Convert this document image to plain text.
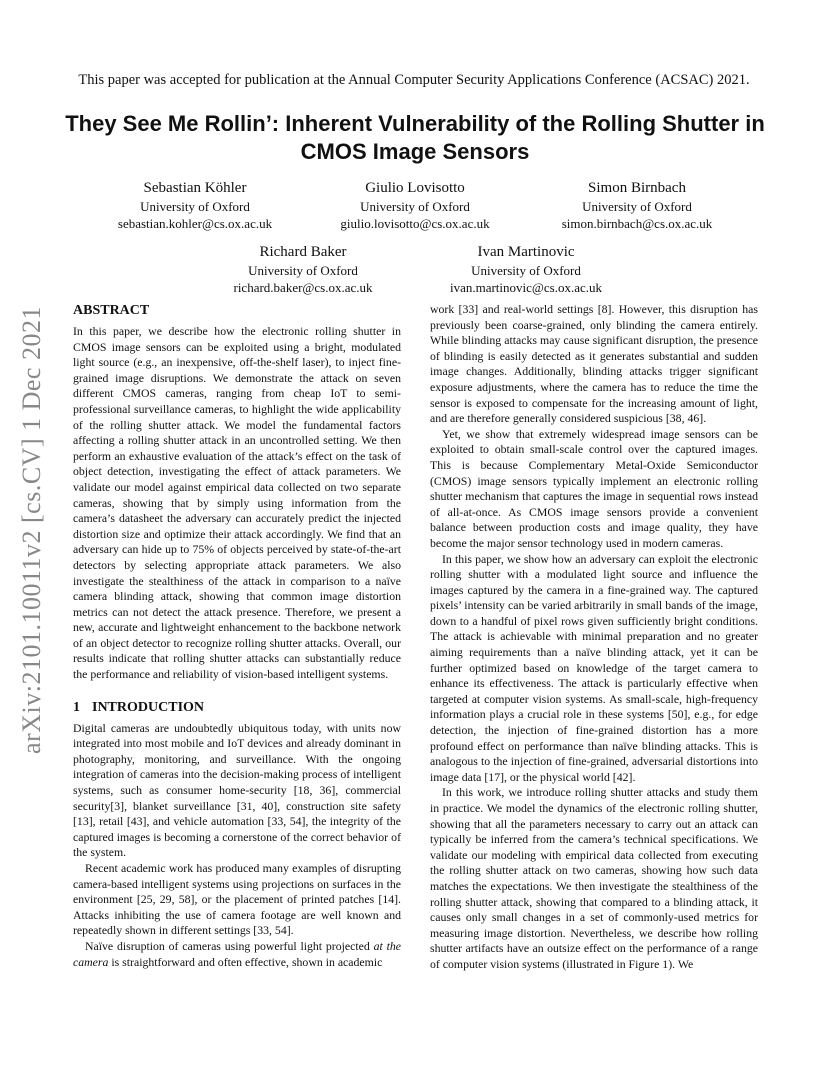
This paper was accepted for publication at the Annual Computer Security Applications Conference (ACSAC) 2021.
They See Me Rollin’: Inherent Vulnerability of the Rolling Shutter in CMOS Image Sensors
Sebastian Köhler
University of Oxford
sebastian.kohler@cs.ox.ac.uk
Giulio Lovisotto
University of Oxford
giulio.lovisotto@cs.ox.ac.uk
Simon Birnbach
University of Oxford
simon.birnbach@cs.ox.ac.uk
Richard Baker
University of Oxford
richard.baker@cs.ox.ac.uk
Ivan Martinovic
University of Oxford
ivan.martinovic@cs.ox.ac.uk
arXiv:2101.10011v2 [cs.CV] 1 Dec 2021	ABSTRACT

In this paper, we describe how the electronic rolling shutter in CMOS image sensors can be exploited using a bright, modulated light source (e.g., an inexpensive, off-the-shelf laser), to inject fine-grained image disruptions. We demonstrate the attack on seven different CMOS cameras, ranging from cheap IoT to semi-professional surveillance cameras, to highlight the wide applicability of the rolling shutter attack. We model the fundamental factors affecting a rolling shutter attack in an uncontrolled setting. We then perform an exhaustive evaluation of the attack’s effect on the task of object detection, investigating the effect of attack parameters. We validate our model against empirical data collected on two separate cameras, showing that by simply using information from the camera’s datasheet the adversary can accurately predict the injected distortion size and optimize their attack accordingly. We find that an adversary can hide up to 75% of objects perceived by state-of-the-art detectors by selecting appropriate attack parameters. We also investigate the stealthiness of the attack in comparison to a naïve camera blinding attack, showing that common image distortion metrics can not detect the attack presence. Therefore, we present a new, accurate and lightweight enhancement to the backbone network of an object detector to recognize rolling shutter attacks. Overall, our results indicate that rolling shutter attacks can substantially reduce the performance and reliability of vision-based intelligent systems.

1 INTRODUCTION

Digital cameras are undoubtedly ubiquitous today, with units now integrated into most mobile and IoT devices and already dominant in photography, monitoring, and surveillance. With the ongoing integration of cameras into the decision-making process of intelligent systems, such as consumer home-security [18, 36], commercial security[3], blanket surveillance [31, 40], construction site safety [13], retail [43], and vehicle automation [33, 54], the integrity of the captured images is becoming a cornerstone of the correct behavior of the system.

Recent academic work has produced many examples of disrupting camera-based intelligent systems using projections on surfaces in the environment [25, 29, 58], or the placement of printed patches [14]. Attacks inhibiting the use of camera footage are well known and repeatedly shown in different settings [33, 54].

Naïve disruption of cameras using powerful light projected at the camera is straightforward and often effective, shown in academic

work [33] and real-world settings [8]. However, this disruption has previously been coarse-grained, only blinding the camera entirely. While blinding attacks may cause significant disruption, the presence of blinding is easily detected as it generates substantial and sudden image changes. Additionally, blinding attacks trigger significant exposure adjustments, where the camera has to reduce the time the sensor is exposed to compensate for the increasing amount of light, and are therefore generally considered suspicious [38, 46].

Yet, we show that extremely widespread image sensors can be exploited to obtain small-scale control over the captured images. This is because Complementary Metal-Oxide Semiconductor (CMOS) image sensors typically implement an electronic rolling shutter mechanism that captures the image in sequential rows instead of all-at-once. As CMOS image sensors provide a convenient balance between production costs and image quality, they have become the major sensor technology used in modern cameras.

In this paper, we show how an adversary can exploit the electronic rolling shutter with a modulated light source and influence the images captured by the camera in a fine-grained way. The captured pixels’ intensity can be varied arbitrarily in small bands of the image, down to a handful of pixel rows given sufficiently bright conditions. The attack is achievable with minimal preparation and no greater aiming requirements than a naïve blinding attack, yet it can be further optimized based on knowledge of the target camera to enhance its effectiveness. The attack is particularly effective when targeted at computer vision systems. As small-scale, high-frequency information plays a crucial role in these systems [50], e.g., for edge detection, the injection of fine-grained distortion has a more profound effect on performance than naïve blinding attacks. This is analogous to the injection of fine-grained, adversarial distortions into image data [17], or the physical world [42].

In this work, we introduce rolling shutter attacks and study them in practice. We model the dynamics of the electronic rolling shutter, showing that all the parameters necessary to carry out an attack can typically be inferred from the camera’s technical specifications. We validate our modeling with empirical data collected from executing the rolling shutter attack on two cameras, showing how such data matches the expectations. We then investigate the stealthiness of the rolling shutter attack, showing that compared to a blinding attack, it causes only small changes in a set of commonly-used metrics for measuring image distortion. Nevertheless, we describe how rolling shutter artifacts have an outsize effect on the performance of a range of computer vision systems (illustrated in Figure 1). We
